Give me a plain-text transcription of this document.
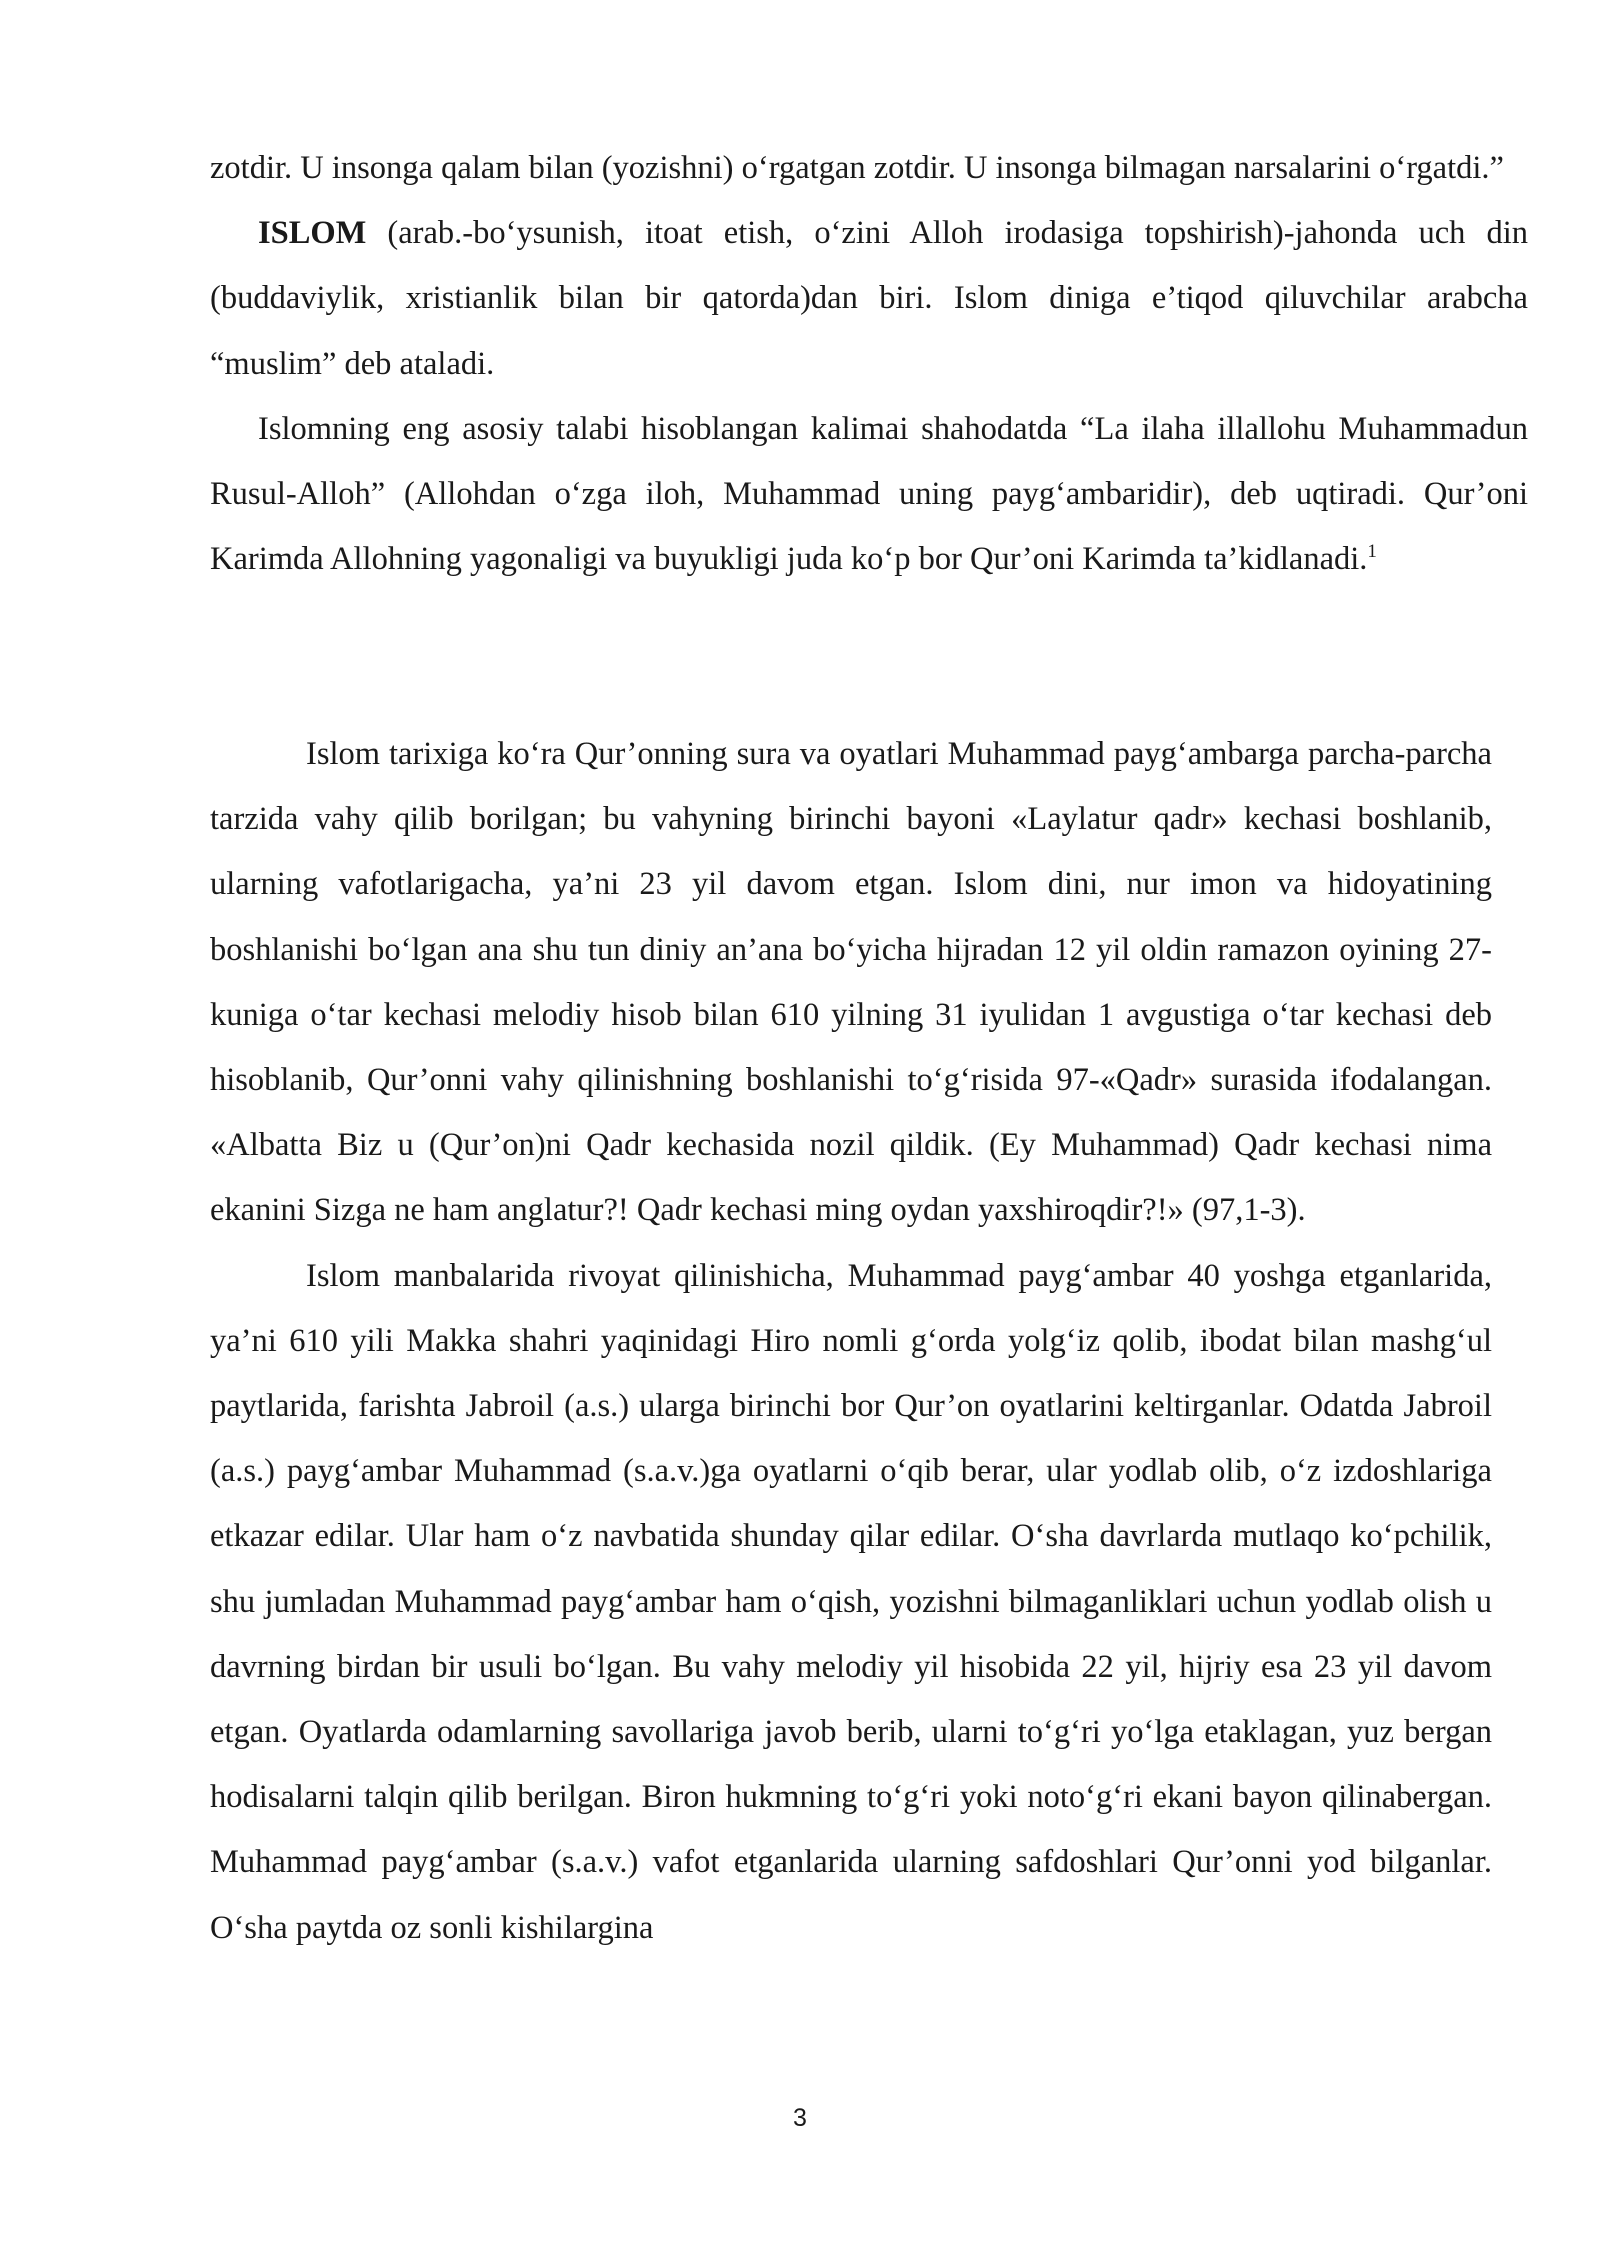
zotdir. U insonga qalam bilan (yozishni) o‘rgatgan zotdir. U insonga bilmagan narsalarini o‘rgatdi.”

ISLOM (arab.-bo‘ysunish, itoat etish, o‘zini Alloh irodasiga topshirish)-jahonda uch din (buddaviylik, xristianlik bilan bir qatorda)dan biri. Islom diniga e’tiqod qiluvchilar arabcha “muslim” deb ataladi.

Islomning eng asosiy talabi hisoblangan kalimai shahodatda “La ilaha illallohu Muhammadun Rusul-Alloh” (Allohdan o‘zga iloh, Muhammad uning payg‘ambaridir), deb uqtiradi. Qur’oni Karimda Allohning yagonaligi va buyukligi juda ko‘p bor Qur’oni Karimda ta’kidlanadi.$^1$

Islom tarixiga ko‘ra Qur’onning sura va oyatlari Muhammad payg‘ambarga parcha-parcha tarzida vahy qilib borilgan; bu vahyning birinchi bayoni «Laylatur qadr» kechasi boshlanib, ularning vafotlarigacha, ya’ni 23 yil davom etgan. Islom dini, nur imon va hidoyatining boshlanishi bo‘lgan ana shu tun diniy an’ana bo‘yicha hijradan 12 yil oldin ramazon oyining 27-kuniga o‘tar kechasi melodiy hisob bilan 610 yilning 31 iyulidan 1 avgustiga o‘tar kechasi deb hisoblanib, Qur’onni vahy qilinishning boshlanishi to‘g‘risida 97-«Qadr» surasida ifodalangan. «Albatta Biz u (Qur’on)ni Qadr kechasida nozil qildik. (Ey Muhammad) Qadr kechasi nima ekanini Sizga ne ham anglatur?! Qadr kechasi ming oydan yaxshiroqdir?!» (97,1-3).

Islom manbalarida rivoyat qilinishicha, Muhammad payg‘ambar 40 yoshga etganlarida, ya’ni 610 yili Makka shahri yaqinidagi Hiro nomli g‘orda yolg‘iz qolib, ibodat bilan mashg‘ul paytlarida, farishta Jabroil (a.s.) ularga birinchi bor Qur’on oyatlarini keltirganlar. Odatda Jabroil (a.s.) payg‘ambar Muhammad (s.a.v.)ga oyatlarni o‘qib berar, ular yodlab olib, o‘z izdoshlariga etkazar edilar. Ular ham o‘z navbatida shunday qilar edilar. O‘sha davrlarda mutlaqo ko‘pchilik, shu jumladan Muhammad payg‘ambar ham o‘qish, yozishni bilmaganliklari uchun yodlab olish u davrning birdan bir usuli bo‘lgan. Bu vahy melodiy yil hisobida 22 yil, hijriy esa 23 yil davom etgan. Oyatlarda odamlarning savollariga javob berib, ularni to‘g‘ri yo‘lga etaklagan, yuz bergan hodisalarni talqin qilib berilgan. Biron hukmning to‘g‘ri yoki noto‘g‘ri ekani bayon qilinabergan. Muhammad payg‘ambar (s.a.v.) vafot etganlarida ularning safdoshlari Qur’onni yod bilganlar. O‘sha paytda oz sonli kishilargina

3
